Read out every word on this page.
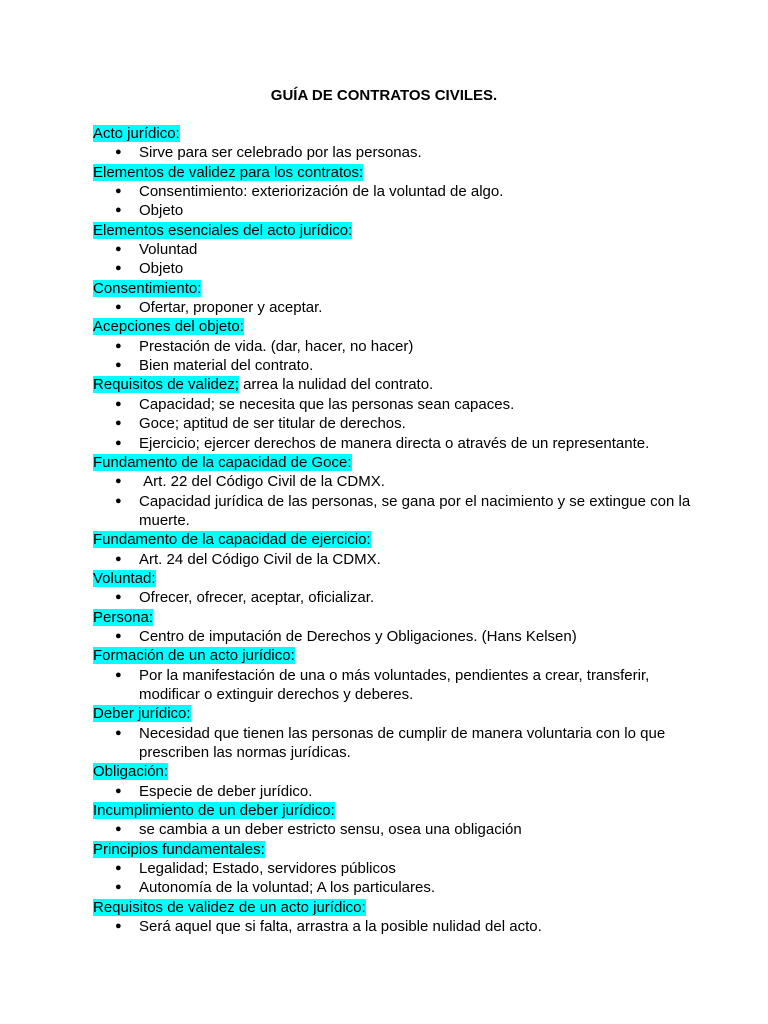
GUÍA DE CONTRATOS CIVILES.
Acto jurídico:
● Sirve para ser celebrado por las personas.
Elementos de validez para los contratos:
● Consentimiento: exteriorización de la voluntad de algo.
● Objeto
Elementos esenciales del acto jurídico:
● Voluntad
● Objeto
Consentimiento:
● Ofertar, proponer y aceptar.
Acepciones del objeto:
● Prestación de vida. (dar, hacer, no hacer)
● Bien material del contrato.
Requisitos de validez; arrea la nulidad del contrato.
● Capacidad; se necesita que las personas sean capaces.
● Goce; aptitud de ser titular de derechos.
● Ejercicio; ejercer derechos de manera directa o através de un representante.
Fundamento de la capacidad de Goce:
● Art. 22 del Código Civil de la CDMX.
● Capacidad jurídica de las personas, se gana por el nacimiento y se extingue con la muerte.
Fundamento de la capacidad de ejercicio:
● Art. 24 del Código Civil de la CDMX.
Voluntad:
● Ofrecer, ofrecer, aceptar, oficializar.
Persona:
● Centro de imputación de Derechos y Obligaciones. (Hans Kelsen)
Formación de un acto jurídico:
● Por la manifestación de una o más voluntades, pendientes a crear, transferir, modificar o extinguir derechos y deberes.
Deber jurídico:
● Necesidad que tienen las personas de cumplir de manera voluntaria con lo que prescriben las normas jurídicas.
Obligación:
● Especie de deber jurídico.
Incumplimiento de un deber jurídico:
● se cambia a un deber estricto sensu, osea una obligación
Principios fundamentales:
● Legalidad; Estado, servidores públicos
● Autonomía de la voluntad; A los particulares.
Requisitos de validez de un acto jurídico:
● Será aquel que si falta, arrastra a la posible nulidad del acto.
